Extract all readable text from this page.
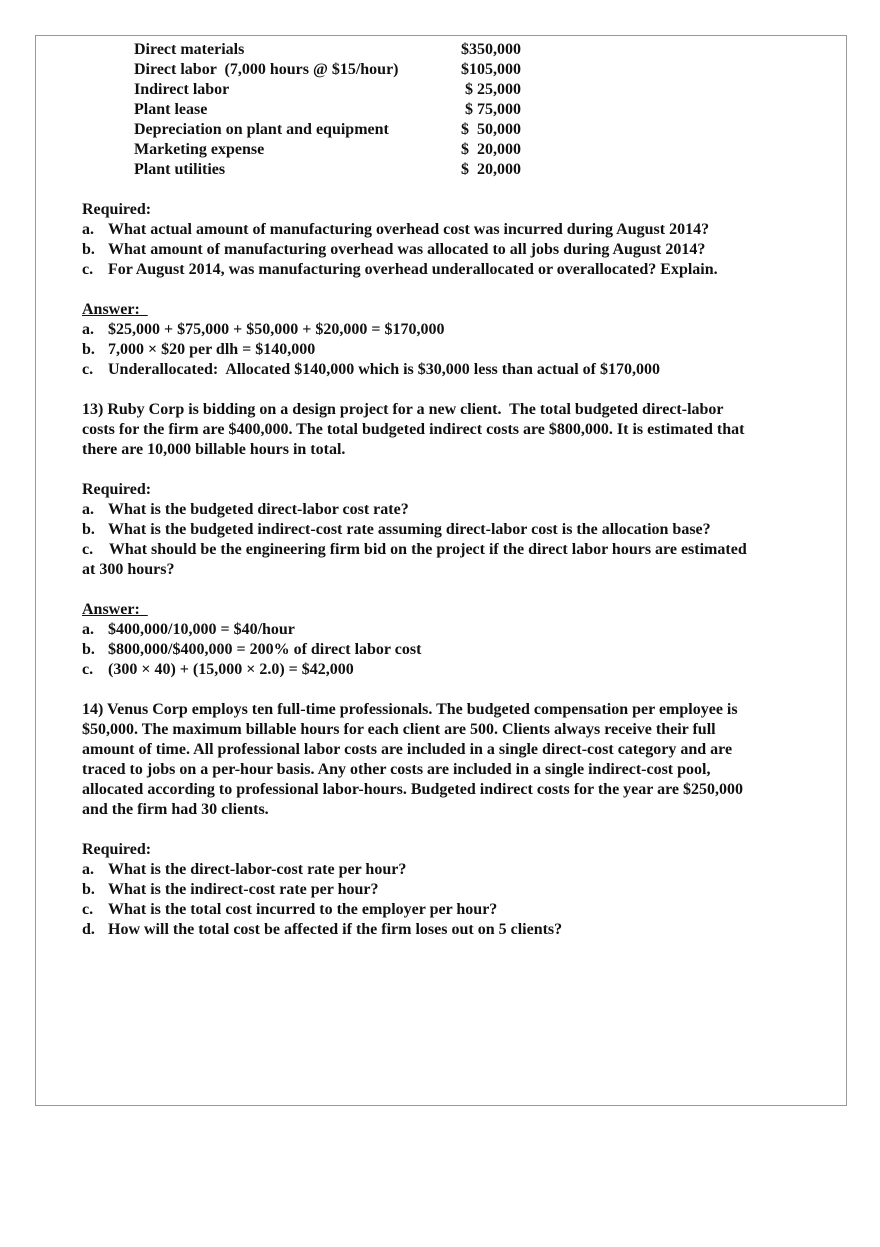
Direct materials	$350,000
Direct labor  (7,000 hours @ $15/hour)	$105,000
Indirect labor	$ 25,000
Plant lease	$ 75,000
Depreciation on plant and equipment	$  50,000
Marketing expense	$  20,000
Plant utilities	$  20,000
Required:
a. What actual amount of manufacturing overhead cost was incurred during August 2014?
b. What amount of manufacturing overhead was allocated to all jobs during August 2014?
c. For August 2014, was manufacturing overhead underallocated or overallocated? Explain.
Answer:
a. $25,000 + $75,000 + $50,000 + $20,000 = $170,000
b. 7,000 × $20 per dlh = $140,000
c. Underallocated:  Allocated $140,000 which is $30,000 less than actual of $170,000
13) Ruby Corp is bidding on a design project for a new client.  The total budgeted direct-labor
costs for the firm are $400,000. The total budgeted indirect costs are $800,000. It is estimated that
there are 10,000 billable hours in total.
Required:
a. What is the budgeted direct-labor cost rate?
b. What is the budgeted indirect-cost rate assuming direct-labor cost is the allocation base?
c.    What should be the engineering firm bid on the project if the direct labor hours are estimated
at 300 hours?
Answer:
a. $400,000/10,000 = $40/hour
b. $800,000/$400,000 = 200% of direct labor cost
c. (300 × 40) + (15,000 × 2.0) = $42,000
14) Venus Corp employs ten full-time professionals. The budgeted compensation per employee is
$50,000. The maximum billable hours for each client are 500. Clients always receive their full
amount of time. All professional labor costs are included in a single direct-cost category and are
traced to jobs on a per-hour basis. Any other costs are included in a single indirect-cost pool,
allocated according to professional labor-hours. Budgeted indirect costs for the year are $250,000
and the firm had 30 clients.
Required:
a. What is the direct-labor-cost rate per hour?
b. What is the indirect-cost rate per hour?
c. What is the total cost incurred to the employer per hour?
d. How will the total cost be affected if the firm loses out on 5 clients?
